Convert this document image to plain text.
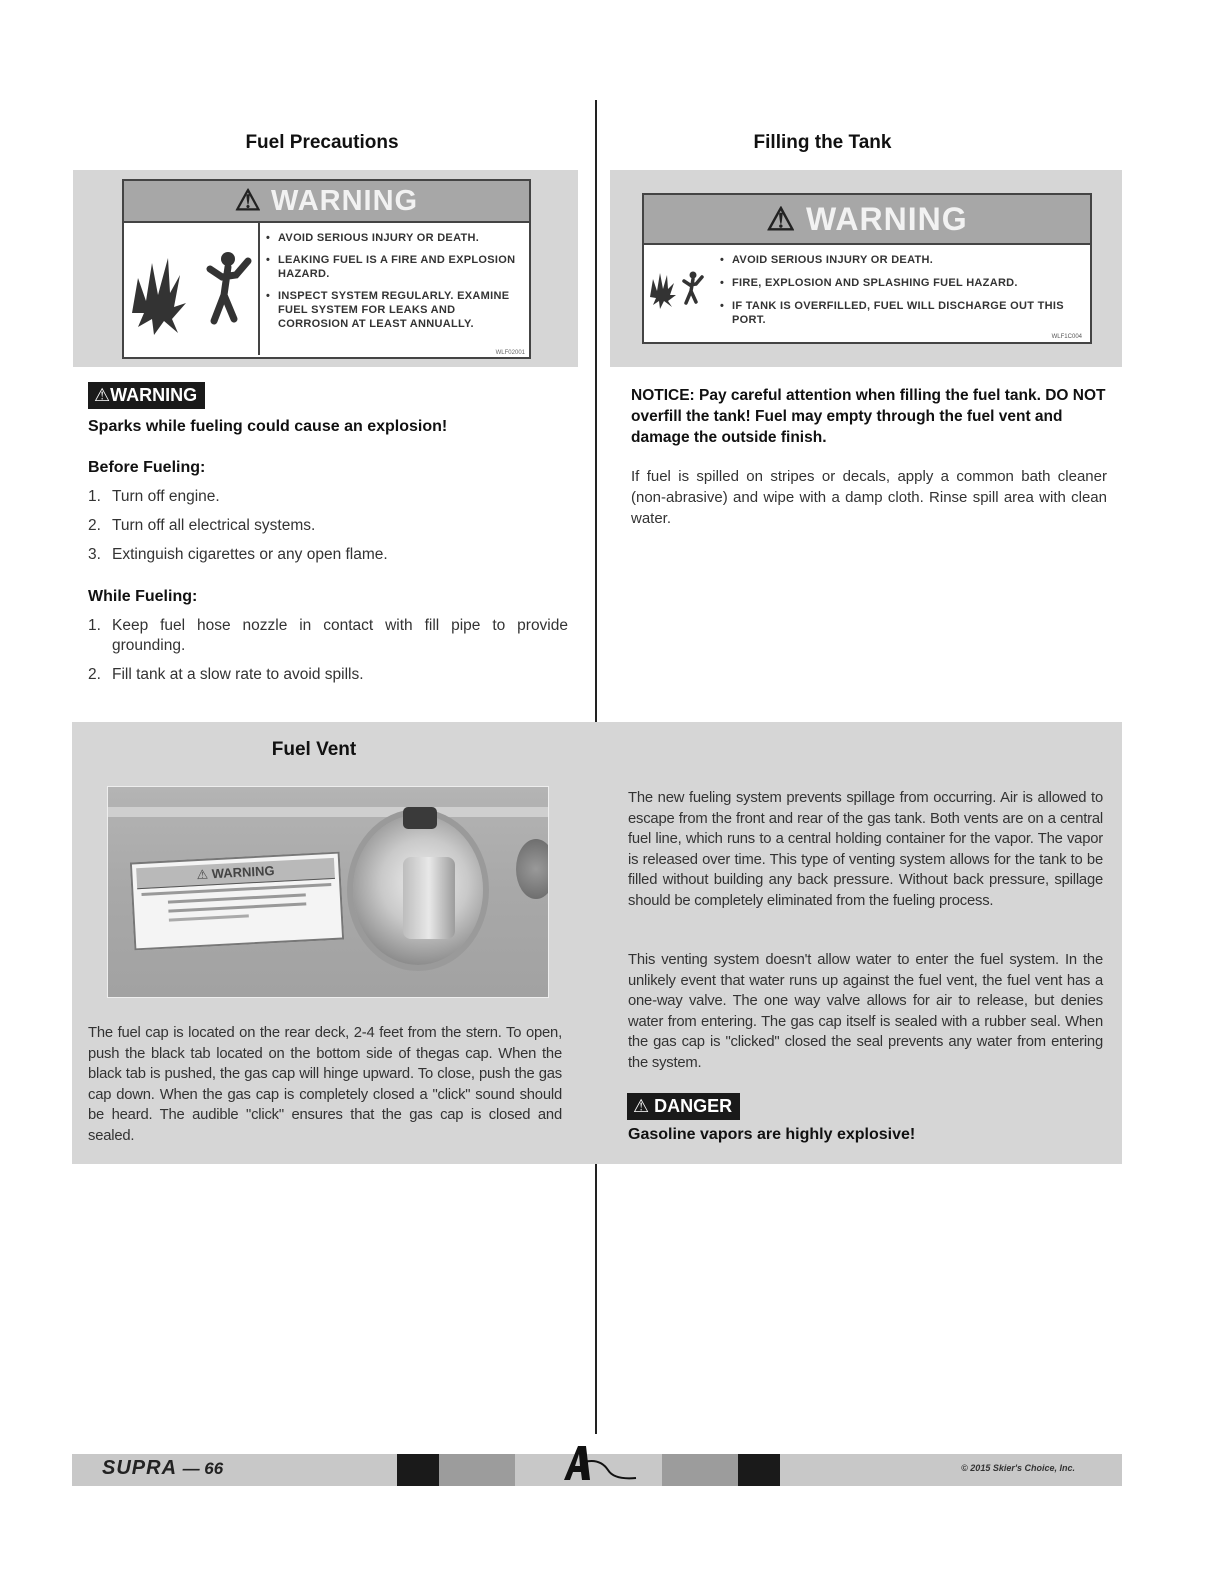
Fuel Precautions
⚠ WARNING
• AVOID SERIOUS INJURY OR DEATH.
• LEAKING FUEL IS A FIRE AND EXPLOSION HAZARD.
• INSPECT SYSTEM REGULARLY. EXAMINE FUEL SYSTEM FOR LEAKS AND CORROSION AT LEAST ANNUALLY.
WLF02001
⚠WARNING
Sparks while fueling could cause an explosion!
Before Fueling:
1. Turn off engine.
2. Turn off all electrical systems.
3. Extinguish cigarettes or any open flame.
While Fueling:
1. Keep fuel hose nozzle in contact with fill pipe to provide grounding.
2. Fill tank at a slow rate to avoid spills.
Filling the Tank
⚠ WARNING
• AVOID SERIOUS INJURY OR DEATH.
• FIRE, EXPLOSION AND SPLASHING FUEL HAZARD.
• IF TANK IS OVERFILLED, FUEL WILL DISCHARGE OUT THIS PORT.
WLF1C004
NOTICE: Pay careful attention when filling the fuel tank. DO NOT overfill the tank! Fuel may empty through the fuel vent and damage the outside finish.
If fuel is spilled on stripes or decals, apply a common bath cleaner (non-abrasive) and wipe with a damp cloth. Rinse spill area with clean water.
Fuel Vent
⚠ WARNING
The fuel cap is located on the rear deck, 2-4 feet from the stern. To open, push the black tab located on the bottom side of thegas cap. When the black tab is pushed, the gas cap will hinge upward. To close, push the gas cap down. When the gas cap is completely closed a "click" sound should be heard. The audible "click" ensures that the gas cap is closed and sealed.
The new fueling system prevents spillage from occurring. Air is allowed to escape from the front and rear of the gas tank. Both vents are on a central fuel line, which runs to a central holding container for the vapor. The vapor is released over time. This type of venting system allows for the tank to be filled without building any back pressure. Without back pressure, spillage should be completely eliminated from the fueling process.
This venting system doesn't allow water to enter the fuel system. In the unlikely event that water runs up against the fuel vent, the fuel vent has a one-way valve. The one way valve allows for air to release, but denies water from entering. The gas cap itself is sealed with a rubber seal. When the gas cap is "clicked" closed the seal prevents any water from entering the system.
⚠ DANGER
Gasoline vapors are highly explosive!
SUPRA — 66	© 2015 Skier's Choice, Inc.
